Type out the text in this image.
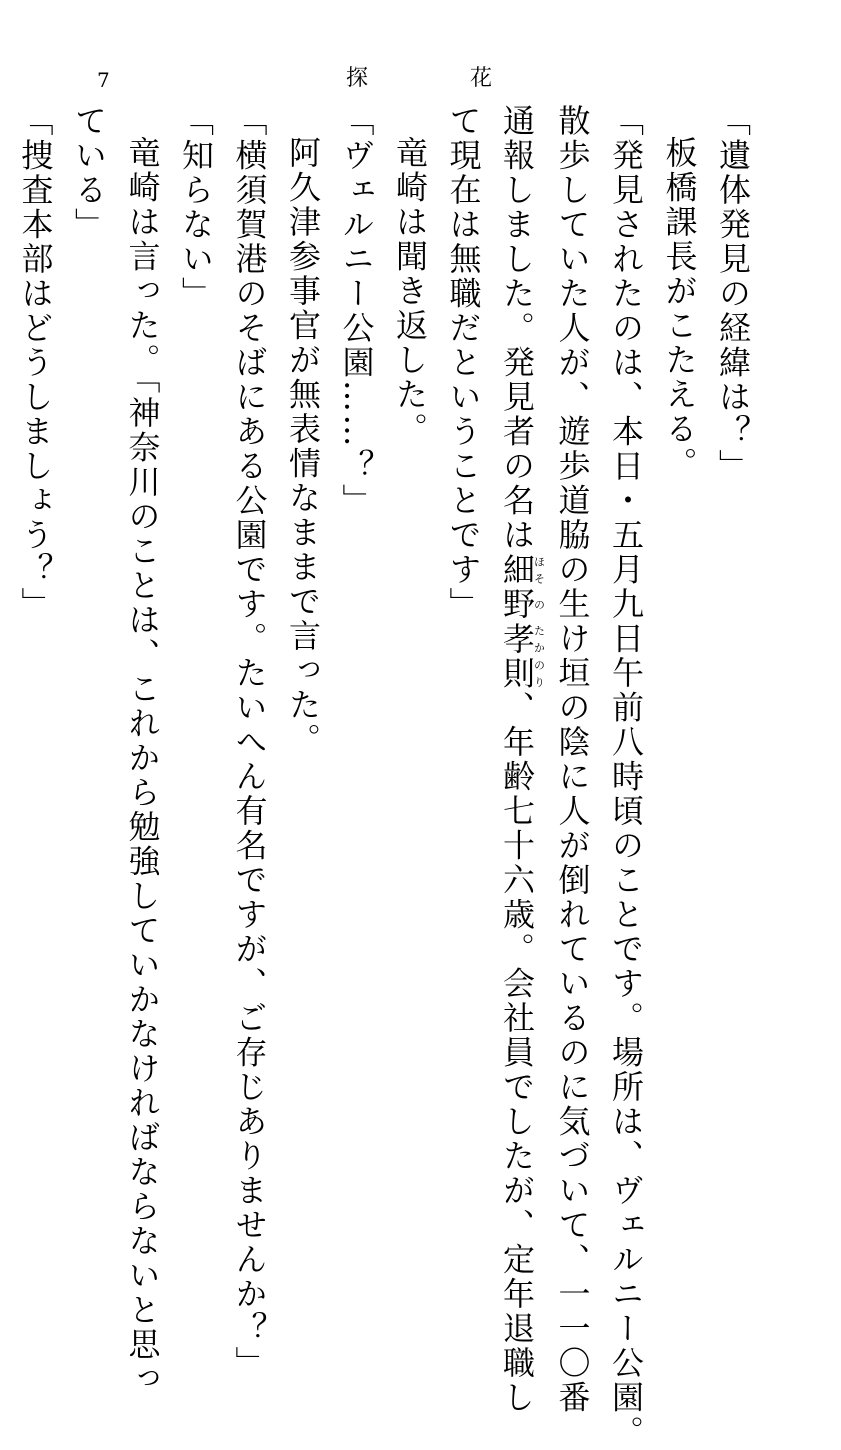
7	探	花
「遺体発見の経緯は？」
板橋課長がこたえる。
「発見されたのは、本日・五月九日午前八時頃のことです。場所は、ヴェルニー公園。
散歩していた人が、遊歩道脇の生け垣の陰に人が倒れているのに気づいて、一一〇番
通報しました。発見者の名は細ほそ野の孝則たかのり、年齢七十六歳。会社員でしたが、定年退職し
て現在は無職だということです」
竜崎は聞き返した。
「ヴェルニー公園……？」
阿久津参事官が無表情なままで言った。
「横須賀港のそばにある公園です。たいへん有名ですが、ご存じありませんか？」
「知らない」
竜崎は言った。「神奈川のことは、これから勉強していかなければならないと思っ
ている」
「捜査本部はどうしましょう？」
